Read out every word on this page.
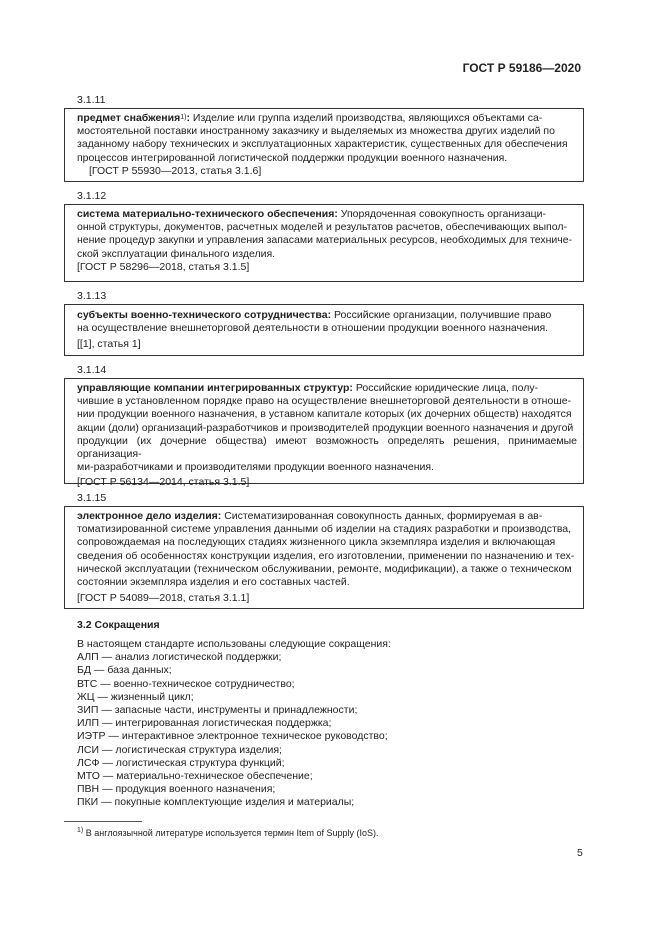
ГОСТ Р 59186—2020
3.1.11

предмет снабжения$^{1)}$: Изделие или группа изделий производства, являющихся объектами са-

мостоятельной поставки иностранному заказчику и выделяемых из множества других изделий по

заданному набору технических и эксплуатационных характеристик, существенных для обеспечения

процессов интегрированной логистической поддержки продукции военного назначения.

[ГОСТ Р 55930—2013, статья 3.1.6]

3.1.12

система материально-технического обеспечения: Упорядоченная совокупность организаци-

онной структуры, документов, расчетных моделей и результатов расчетов, обеспечивающих выпол-

нение процедур закупки и управления запасами материальных ресурсов, необходимых для техниче-

ской эксплуатации финального изделия.

[ГОСТ Р 58296—2018, статья 3.1.5]

3.1.13

субъекты военно-технического сотрудничества: Российские организации, получившие право

на осуществление внешнеторговой деятельности в отношении продукции военного назначения.

[[1], статья 1]

3.1.14

управляющие компании интегрированных структур: Российские юридические лица, полу-

чившие в установленном порядке право на осуществление внешнеторговой деятельности в отноше-

нии продукции военного назначения, в уставном капитале которых (их дочерних обществ) находятся

акции (доли) организаций-разработчиков и производителей продукции военного назначения и другой

продукции (их дочерние общества) имеют возможность определять решения, принимаемые организация-

ми-разработчиками и производителями продукции военного назначения.

[ГОСТ Р 56134—2014, статья 3.1.5]

3.1.15

электронное дело изделия: Систематизированная совокупность данных, формируемая в ав-

томатизированной системе управления данными об изделии на стадиях разработки и производства,

сопровождаемая на последующих стадиях жизненного цикла экземпляра изделия и включающая

сведения об особенностях конструкции изделия, его изготовлении, применении по назначению и тех-

нической эксплуатации (техническом обслуживании, ремонте, модификации), а также о техническом

состоянии экземпляра изделия и его составных частей.

[ГОСТ Р 54089—2018, статья 3.1.1]

3.2 Сокращения
В настоящем стандарте использованы следующие сокращения:
АЛП — анализ логистической поддержки;
БД — база данных;
ВТС — военно-техническое сотрудничество;
ЖЦ — жизненный цикл;
ЗИП — запасные части, инструменты и принадлежности;
ИЛП — интегрированная логистическая поддержка;
ИЭТР — интерактивное электронное техническое руководство;
ЛСИ — логистическая структура изделия;
ЛСФ — логистическая структура функций;
МТО — материально-техническое обеспечение;
ПВН — продукция военного назначения;
ПКИ — покупные комплектующие изделия и материалы;
$^{1)}$ В англоязычной литературе используется термин Item of Supply (IoS).
5
